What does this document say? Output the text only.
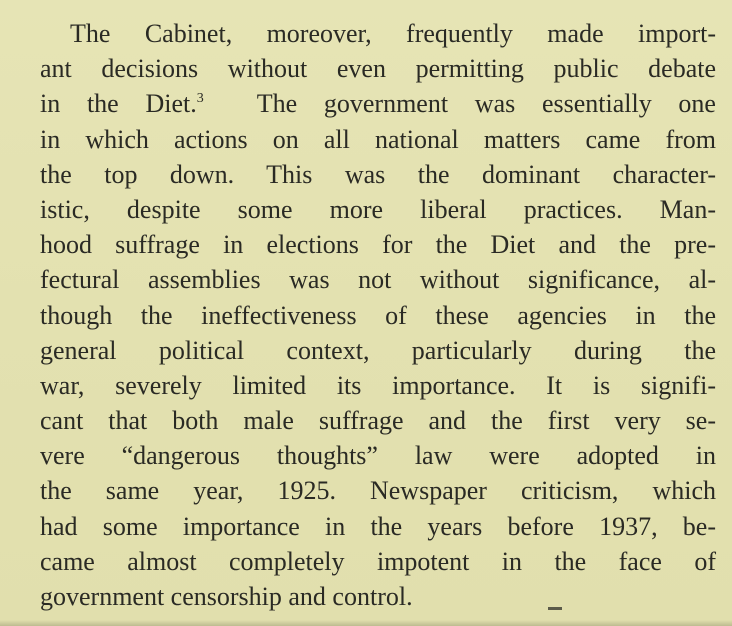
The Cabinet, moreover, frequently made import-
ant decisions without even permitting public debate
in the Diet.$^3$  The government was essentially one
in which actions on all national matters came from
the top down. This was the dominant character-
istic, despite some more liberal practices. Man-
hood suffrage in elections for the Diet and the pre-
fectural assemblies was not without significance, al-
though the ineffectiveness of these agencies in the
general political context, particularly during the
war, severely limited its importance. It is signifi-
cant that both male suffrage and the first very se-
vere “dangerous thoughts” law were adopted in
the same year, 1925. Newspaper criticism, which
had some importance in the years before 1937, be-
came almost completely impotent in the face of
government censorship and control.
